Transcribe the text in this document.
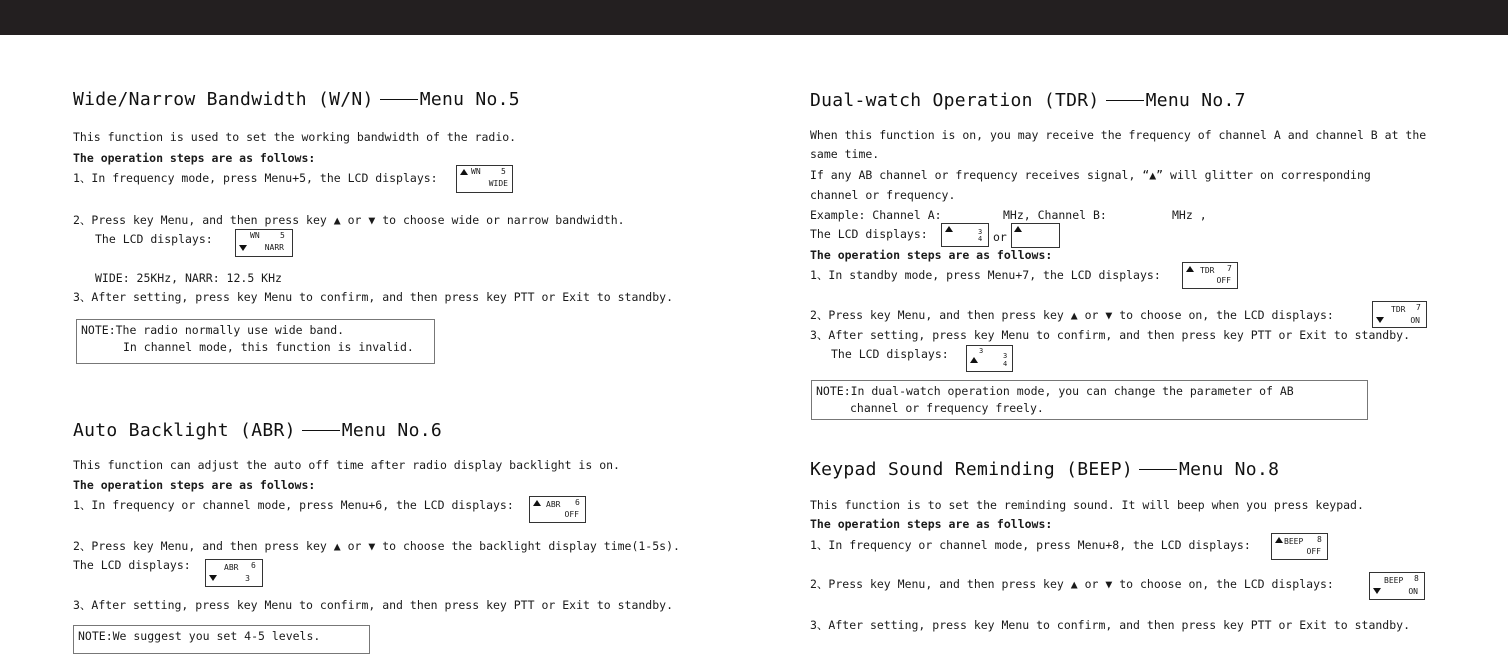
Wide/Narrow Bandwidth (W/N)	Menu No.5
This function is used to set the working bandwidth of the radio.
The operation steps are as follows:
1、In frequency mode, press Menu+5, the LCD displays:	WN	5
WIDE
2、Press key Menu, and then press key ▲ or ▼ to choose wide or narrow bandwidth.
The LCD displays:	WN	5
NARR
WIDE: 25KHz, NARR: 12.5 KHz
3、After setting, press key Menu to confirm, and then press key PTT or Exit to standby.
NOTE:The radio normally use wide band.
In channel mode, this function is invalid.
Auto Backlight (ABR)	Menu No.6
This function can adjust the auto off time after radio display backlight is on.
The operation steps are as follows:
1、In frequency or channel mode, press Menu+6, the LCD displays:	ABR 6
OFF
2、Press key Menu, and then press key ▲ or ▼ to choose the backlight display time(1-5s).
The LCD displays:	ABR 6
3
3、After setting, press key Menu to confirm, and then press key PTT or Exit to standby.
NOTE:We suggest you set 4-5 levels.
Dual-watch Operation (TDR)	Menu No.7
When this function is on, you may receive the frequency of channel A and channel B at the
same time.
If any AB channel or frequency receives signal, “▲” will glitter on corresponding
channel or frequency.
Example: Channel A:	MHz, Channel B:	MHz ,
The LCD displays:	3
4 or
The operation steps are as follows:
1、In standby mode, press Menu+7, the LCD displays:	TDR 7
OFF
2、Press key Menu, and then press key ▲ or ▼ to choose on, the LCD displays:	TDR 7
ON
3、After setting, press key Menu to confirm, and then press key PTT or Exit to standby.
The LCD displays:	3
3
4
NOTE:In dual-watch operation mode, you can change the parameter of AB
channel or frequency freely.
Keypad Sound Reminding (BEEP)	Menu No.8
This function is to set the reminding sound. It will beep when you press keypad.
The operation steps are as follows:
1、In frequency or channel mode, press Menu+8, the LCD displays:	BEEP 8
OFF
2、Press key Menu, and then press key ▲ or ▼ to choose on, the LCD displays:	BEEP 8
ON
3、After setting, press key Menu to confirm, and then press key PTT or Exit to standby.
